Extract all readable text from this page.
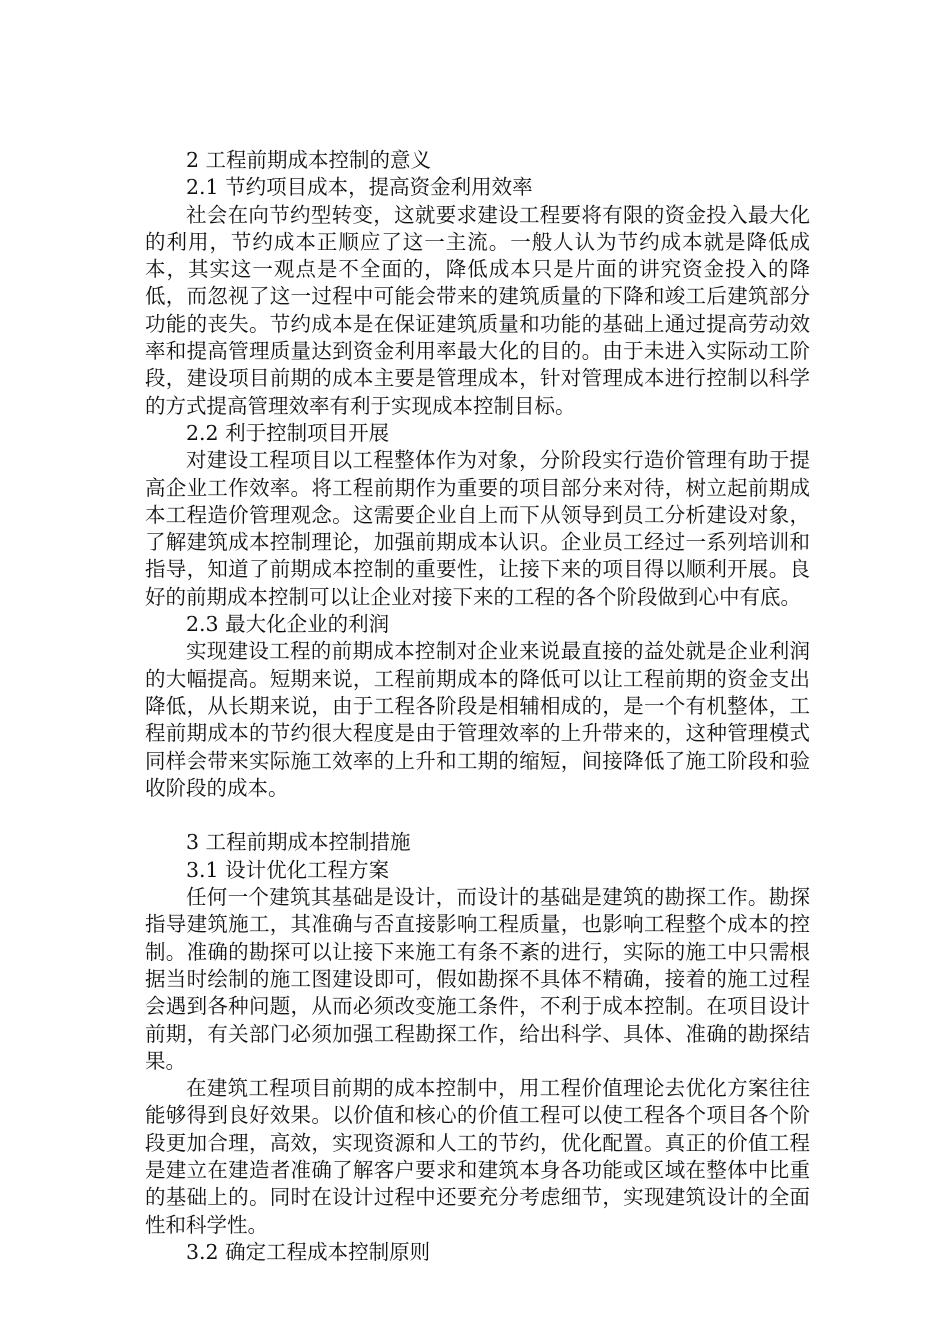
2 工程前期成本控制的意义

2.1 节约项目成本，提高资金利用效率

社会在向节约型转变，这就要求建设工程要将有限的资金投入最大化的利用，节约成本正顺应了这一主流。一般人认为节约成本就是降低成本，其实这一观点是不全面的，降低成本只是片面的讲究资金投入的降低，而忽视了这一过程中可能会带来的建筑质量的下降和竣工后建筑部分功能的丧失。节约成本是在保证建筑质量和功能的基础上通过提高劳动效率和提高管理质量达到资金利用率最大化的目的。由于未进入实际动工阶段，建设项目前期的成本主要是管理成本，针对管理成本进行控制以科学的方式提高管理效率有利于实现成本控制目标。

2.2 利于控制项目开展

对建设工程项目以工程整体作为对象，分阶段实行造价管理有助于提高企业工作效率。将工程前期作为重要的项目部分来对待，树立起前期成本工程造价管理观念。这需要企业自上而下从领导到员工分析建设对象，了解建筑成本控制理论，加强前期成本认识。企业员工经过一系列培训和指导，知道了前期成本控制的重要性，让接下来的项目得以顺利开展。良好的前期成本控制可以让企业对接下来的工程的各个阶段做到心中有底。

2.3 最大化企业的利润

实现建设工程的前期成本控制对企业来说最直接的益处就是企业利润的大幅提高。短期来说，工程前期成本的降低可以让工程前期的资金支出降低，从长期来说，由于工程各阶段是相辅相成的，是一个有机整体，工程前期成本的节约很大程度是由于管理效率的上升带来的，这种管理模式同样会带来实际施工效率的上升和工期的缩短，间接降低了施工阶段和验收阶段的成本。

3 工程前期成本控制措施

3.1 设计优化工程方案

任何一个建筑其基础是设计，而设计的基础是建筑的勘探工作。勘探指导建筑施工，其准确与否直接影响工程质量，也影响工程整个成本的控制。准确的勘探可以让接下来施工有条不紊的进行，实际的施工中只需根据当时绘制的施工图建设即可，假如勘探不具体不精确，接着的施工过程会遇到各种问题，从而必须改变施工条件，不利于成本控制。在项目设计前期，有关部门必须加强工程勘探工作，给出科学、具体、准确的勘探结果。

在建筑工程项目前期的成本控制中，用工程价值理论去优化方案往往能够得到良好效果。以价值和核心的价值工程可以使工程各个项目各个阶段更加合理，高效，实现资源和人工的节约，优化配置。真正的价值工程是建立在建造者准确了解客户要求和建筑本身各功能或区域在整体中比重的基础上的。同时在设计过程中还要充分考虑细节，实现建筑设计的全面性和科学性。

3.2 确定工程成本控制原则
